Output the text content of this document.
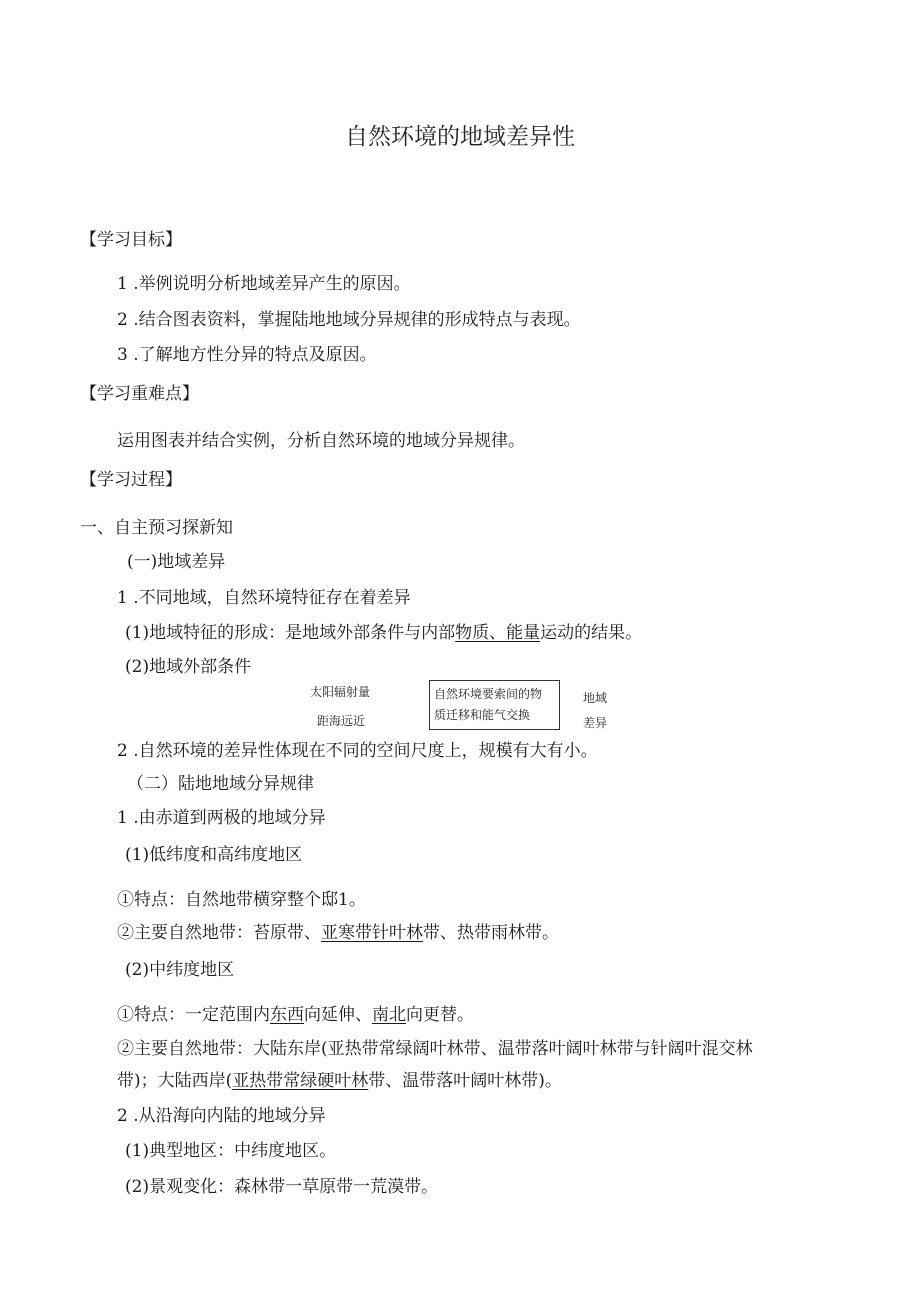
自然环境的地域差异性
【学习目标】
1 .举例说明分析地域差异产生的原因。
2 .结合图表资料，掌握陆地地域分异规律的形成特点与表现。
3 .了解地方性分异的特点及原因。
【学习重难点】
运用图表并结合实例，分析自然环境的地域分异规律。
【学习过程】
一、自主预习探新知
(一)地域差异
1 .不同地域，自然环境特征存在着差异
(1)地域特征的形成：是地域外部条件与内部物质、能量运动的结果。
(2)地域外部条件
太阳辐射量
距海远近
自然环境要索间的物
质迁移和能气交换
地域
差异
2 .自然环境的差异性体现在不同的空间尺度上，规模有大有小。
（二）陆地地域分异规律
1 .由赤道到两极的地域分异
(1)低纬度和高纬度地区
①特点：自然地带横穿整个邸1。
②主要自然地带：苔原带、亚寒带针叶林带、热带雨林带。
(2)中纬度地区
①特点：一定范围内东西向延伸、南北向更替。
②主要自然地带：大陆东岸(亚热带常绿阔叶林带、温带落叶阔叶林带与针阔叶混交林
带)；大陆西岸(亚热带常绿硬叶林带、温带落叶阔叶林带)。
2 .从沿海向内陆的地域分异
(1)典型地区：中纬度地区。
(2)景观变化：森林带一草原带一荒漠带。
